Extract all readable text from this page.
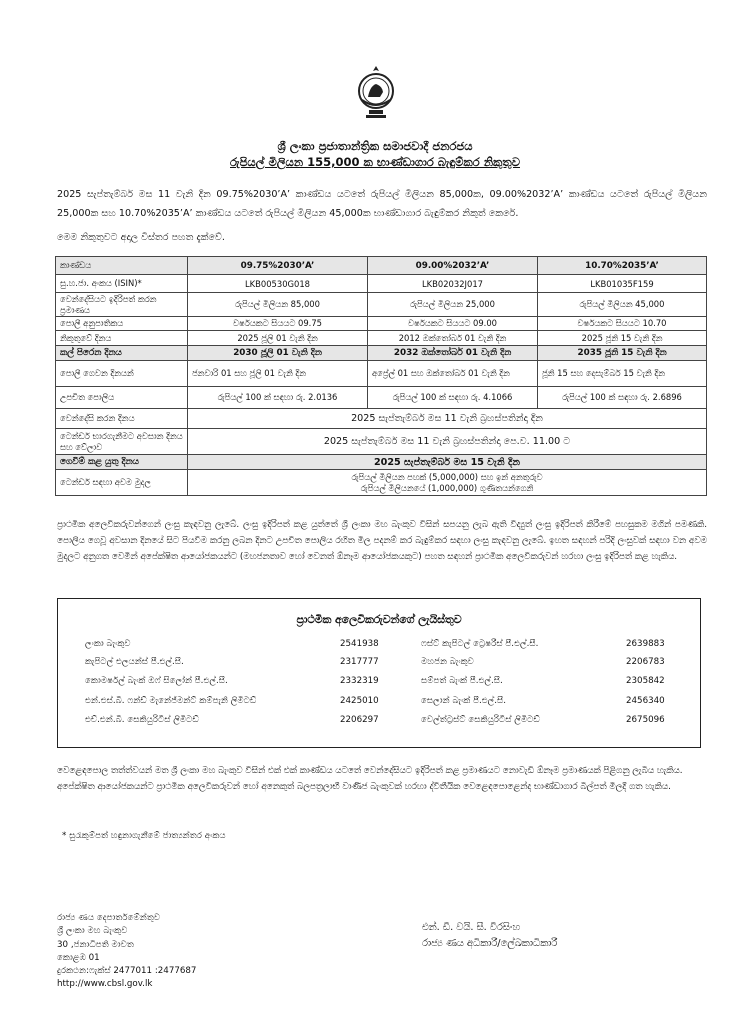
ශ්‍රී ලංකා ප්‍රජාතාන්ත්‍රික සමාජවාදී ජනරජය
රුපියල් මිලියන 155,000 ක භාණ්ඩාගාර බැඳුම්කර නිකුතුව
2025 සැප්තැම්බර් මස 11 වැනි දින 09.75%2030’A’ කාණ්ඩය යටතේ රුපියල් මිලියන 85,000ක, 09.00%2032’A’ කාණ්ඩය යටතේ රුපියල් මිලියන 25,000ක සහ 10.70%2035’A’ කාණ්ඩය යටතේ රුපියල් මිලියන 45,000ක භාණ්ඩාගාර බැඳුම්කර නිකුත් කෙරේ.
මෙම නිකුතුවට අදාල විස්තර පහත දැක්වේ.
කාණ්ඩය	09.75%2030’A’	09.00%2032’A’	10.70%2035’A’
සු.හ.ජා. අංකය (ISIN)*	LKB00530G018	LKB02032J017	LKB01035F159
වෙන්දේසියට ඉදිරිපත් කරන ප්‍රමාණය	රුපියල් මිලියන 85,000	රුපියල් මිලියන 25,000	රුපියල් මිලියන 45,000
පොලී අනුපාතිකය	වර්ෂයකට සියයට 09.75	වර්ෂයකට සියයට 09.00	වර්ෂයකට සියයට 10.70
නිකුතුවේ දිනය	2025 ජූලි 01 වැනි දින	2012 ඔක්තෝබර් 01 වැනි දින	2025 ජූනි 15 වැනි දින
කල් පිරෙන දිනය	2030 ජූලි 01 වැනි දින	2032 ඔක්තෝබර් 01 වැනි දින	2035 ජූනි 15 වැනි දින
පොලී ගෙවන දිනයන්	ජනවාරි 01 සහ ජූලි 01 වැනි දින	අප්‍රේල් 01 සහ ඔක්තෝබර් 01 වැනි දින	ජූනි 15 සහ දෙසැම්බර් 15 වැනි දින
උපචිත පොලිය	රුපියල් 100 ක් සඳහා රු. 2.0136	රුපියල් 100 ක් සඳහා රු. 4.1066	රුපියල් 100 ක් සඳහා රු. 2.6896
වෙන්දේසි කරන දිනය	2025 සැප්තැම්බර් මස 11 වැනි බ්‍රහස්පතින්දා දින		
ටෙන්ඩර් භාරගැනීමට අවසාන දිනය සහ වේලාව	2025 සැප්තැම්බර් මස 11 වැනි බ්‍රහස්පතින්දා පෙ.ව. 11.00 ට		
ගෙවීම් කළ යුතු දිනය	2025 සැප්තැම්බර් මස 15 වැනි දින		
ටෙන්ඩර් සඳහා අවම මුදල	රුපියල් මිලියන පහක් (5,000,000) සහ ඉන් අනතුරුව
රුපියල් මිලියනයේ (1,000,000) ගුණිතයන්ගෙනි		
ප්‍රාථමික අලෙවිකරුවන්ගෙන් ලංසු කැඳවනු ලැබේ. ලංසු ඉදිරිපත් කළ යුත්තේ ශ්‍රී ලංකා මහ බැංකුව විසින් සපයනු ලැබ ඇති විද්‍යුත් ලංසු ඉදිරිපත් කිරීමේ පහසුකම මගින් පමණකි. පොලිය ගෙවූ අවසාන දිනයේ සිට පියවීම කරනු ලබන දිනට උපචිත පොලිය රහිත මිල පදනම් කර බැඳුම්කර සඳහා ලංසු කැඳවනු ලැබේ. ඉහත සඳහන් පරිදි ලංසුවක් සඳහා වන අවම මුදලට අනුගත වෙමින් අපේක්ෂිත ආයෝජකයන්ට (මහජනතාව හෝ වෙනත් ඕනෑම ආයෝජකයකුට) පහත සඳහන් ප්‍රාථමික අලෙවිකරුවන් හරහා ලංසු ඉදිරිපත් කළ හැකිය.
ප්‍රාථමික අලෙවිකරුවන්ගේ ලැයිස්තුව
ලංකා බැංකුව	2541938	ෆස්ට් කැපිටල් ට්‍රෙෂරීස් පී.එල්.සී.	2639883
කැපිටල් එලයන්ස් පී.එල්.සී.	2317777	මහජන බැංකුව	2206783
කොමර්ෂල් බැංක් ඔෆ් සිලෝන් පී.එල්.සී.	2332319	සම්පත් බැංක් පී.එල්.සී.	2305842
එන්.එස්.බී. ෆන්ඩ් මැනේජ්මන්ට් කම්පැනි ලිමිටඩ්	2425010	සෙලාන් බැංක් පී.එල්.සී.	2456340
එච්.එන්.බී. සෙකියුරිටීස් ලිමිටඩ්	2206297	වෙල්ත්ට්‍රස්ට් සෙකියුරිටීස් ලිමිටඩ්	2675096
වෙළෙඳපොල තත්ත්වයන් මත ශ්‍රී ලංකා මහ බැංකුව විසින් එක් එක් කාණ්ඩය යටතේ වෙන්දේසියට ඉදිරිපත් කළ ප්‍රමාණයට නොවැඩි ඕනෑම ප්‍රමාණයක් පිළිගනු ලැබිය හැකිය.
අපේක්ෂිත ආයෝජකයන්ට ප්‍රාථමික අලෙවිකරුවන් හෝ අනෙකුත් බලපත්‍රලාභී වාණිජ බැංකුවක් හරහා ද්විතීයික වෙළෙඳපොළෙන්ද භාණ්ඩාගාර බිල්පත් මිලදී ගත හැකිය.
* සුරැකුම්පත් හඳුනාගැනීමේ ජාත්‍යන්තර අංකය
රාජ්‍ය ණය දෙපාර්තමේන්තුව
ශ්‍රී ලංකා මහ බැංකුව
30 ,ජනාධිපති මාවත
කොළඹ 01
දුරකථන:ෆැක්ස් 2477011 :2477687
http://www.cbsl.gov.lk
එන්. ඩී. වයි. සී. වීරසිංහ
රාජ්‍ය ණය අධිකාරී/ලේඛකාධිකාරී
